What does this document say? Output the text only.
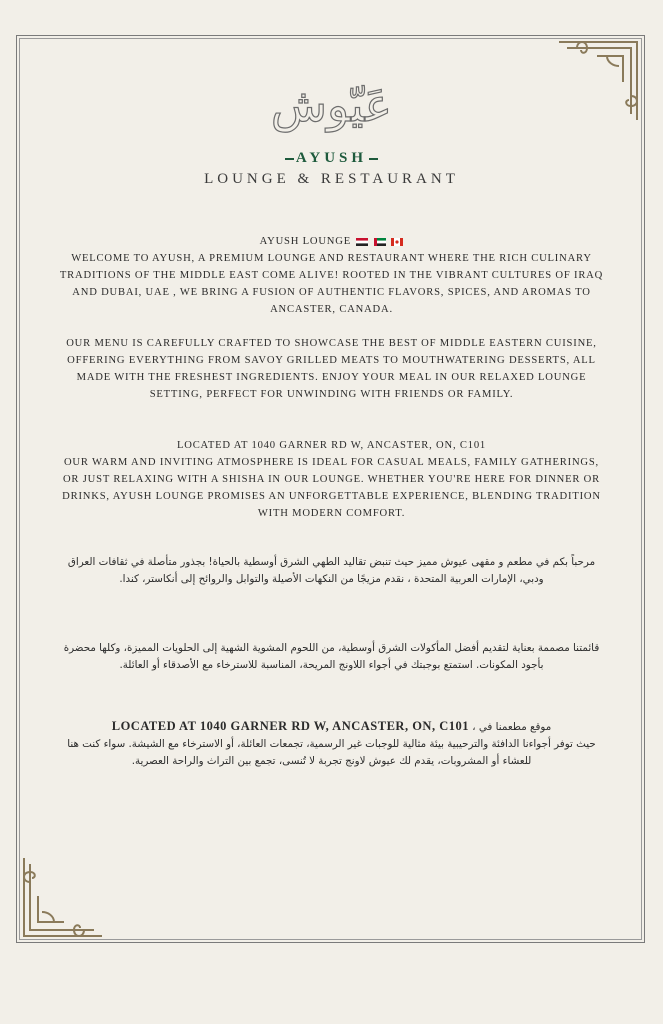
عَيّوش
AYUSH
LOUNGE & RESTAURANT

AYUSH LOUNGE

WELCOME TO AYUSH, A PREMIUM LOUNGE AND RESTAURANT WHERE THE RICH CULINARY TRADITIONS OF THE MIDDLE EAST COME ALIVE! ROOTED IN THE VIBRANT CULTURES OF IRAQ AND DUBAI, UAE , WE BRING A FUSION OF AUTHENTIC FLAVORS, SPICES, AND AROMAS TO ANCASTER, CANADA.

OUR MENU IS CAREFULLY CRAFTED TO SHOWCASE THE BEST OF MIDDLE EASTERN CUISINE, OFFERING EVERYTHING FROM SAVOY GRILLED MEATS TO MOUTHWATERING DESSERTS, ALL MADE WITH THE FRESHEST INGREDIENTS. ENJOY YOUR MEAL IN OUR RELAXED LOUNGE SETTING, PERFECT FOR UNWINDING WITH FRIENDS OR FAMILY.

LOCATED AT 1040 GARNER RD W, ANCASTER, ON, C101

OUR WARM AND INVITING ATMOSPHERE IS IDEAL FOR CASUAL MEALS, FAMILY GATHERINGS, OR JUST RELAXING WITH A SHISHA IN OUR LOUNGE. WHETHER YOU'RE HERE FOR DINNER OR DRINKS, AYUSH LOUNGE PROMISES AN UNFORGETTABLE EXPERIENCE, BLENDING TRADITION WITH MODERN COMFORT.

مرحباً بكم في مطعم و مقهى عيوش مميز حيث تنبض تقاليد الطهي الشرق أوسطية بالحياة! بجذور متأصلة في ثقافات العراق ودبي، الإمارات العربية المتحدة ، نقدم مزيجًا من النكهات الأصيلة والتوابل والروائح إلى أنكاستر، كندا.
قائمتنا مصممة بعناية لتقديم أفضل المأكولات الشرق أوسطية، من اللحوم المشوية الشهية إلى الحلويات المميزة، وكلها محضرة بأجود المكونات. استمتع بوجبتك في أجواء اللاونج المريحة، المناسبة للاسترخاء مع الأصدقاء أو العائلة.

موقع مطعمنا في ، LOCATED AT 1040 GARNER RD W, ANCASTER, ON, C101

حيث توفر أجواءنا الدافئة والترحيبية بيئة مثالية للوجبات غير الرسمية، تجمعات العائلة، أو الاسترخاء مع الشيشة. سواء كنت هنا للعشاء أو المشروبات، يقدم لك عيوش لاونج تجربة لا تُنسى، تجمع بين التراث والراحة العصرية.
